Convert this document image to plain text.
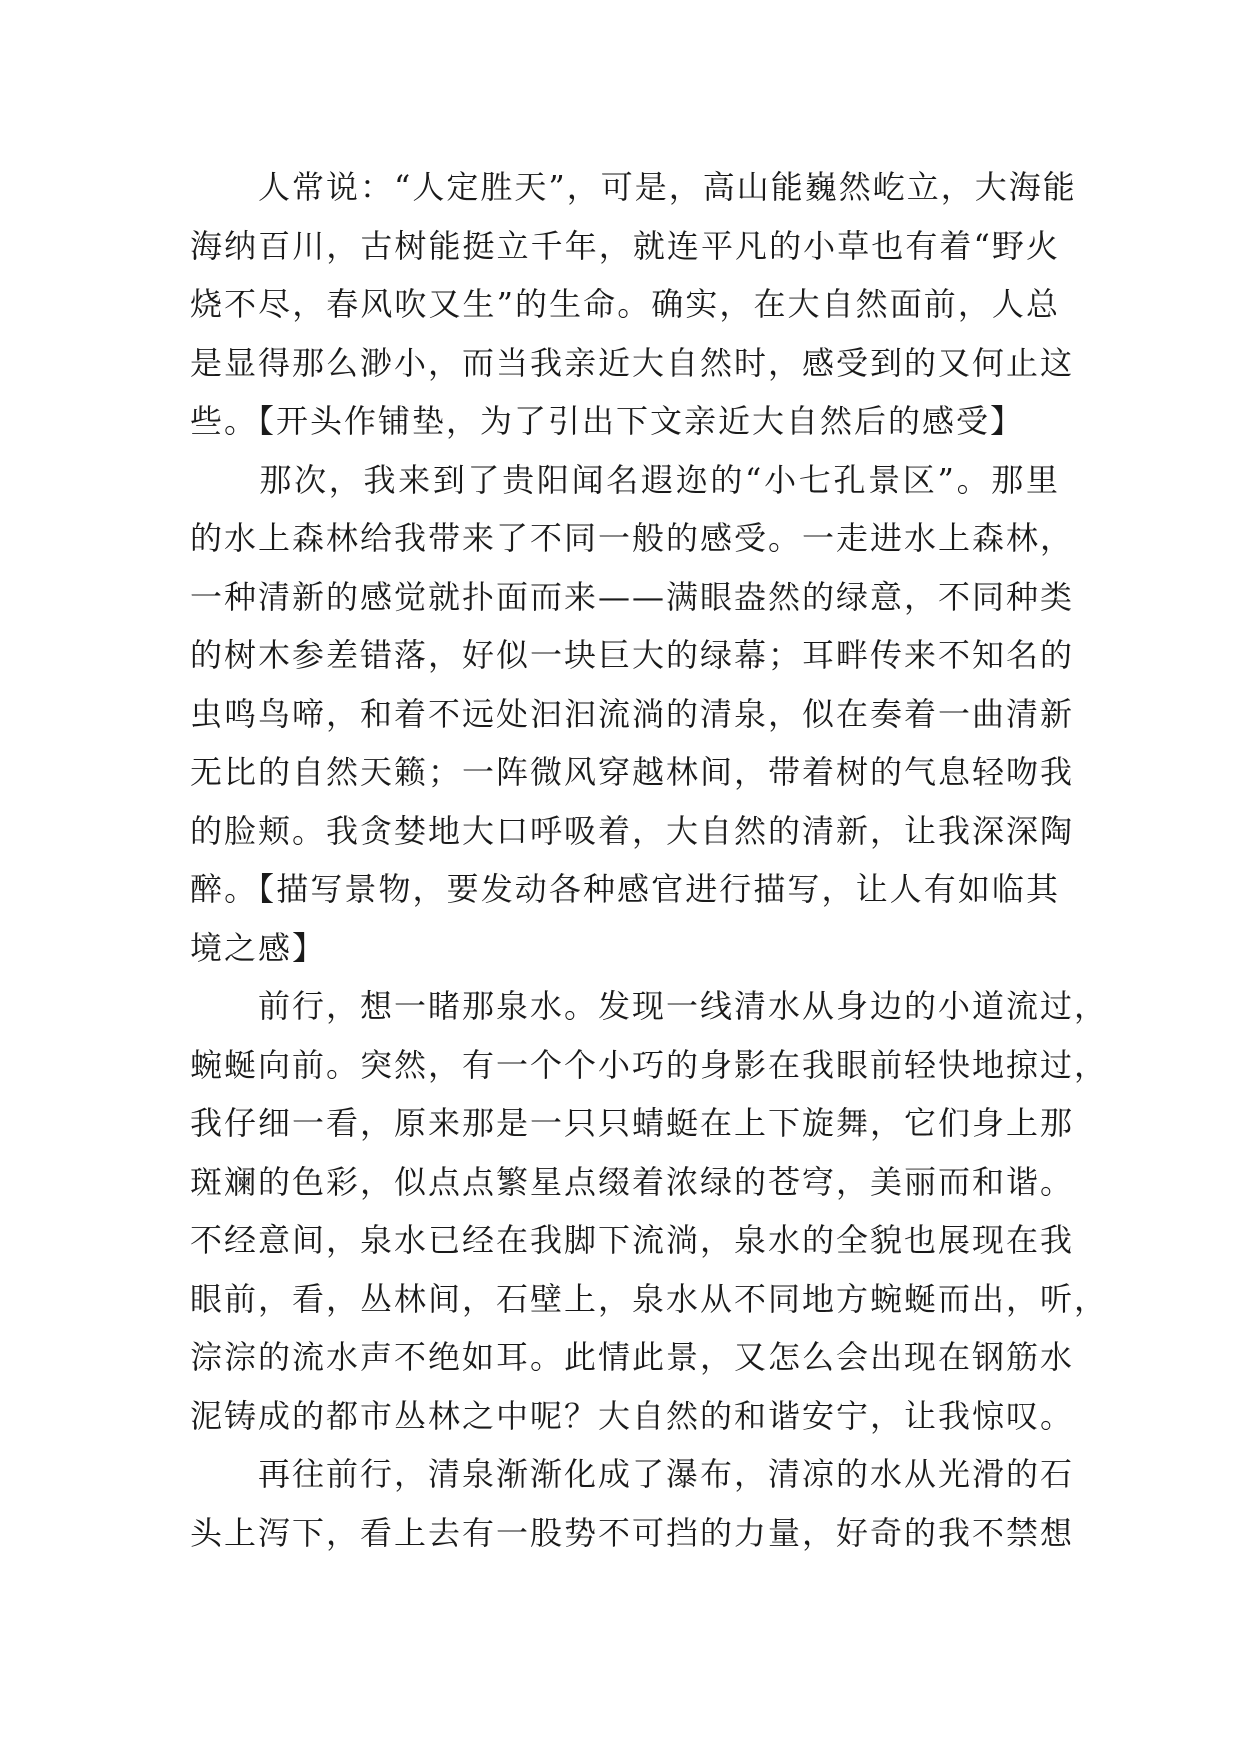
　　人常说：“人定胜天”，可是，高山能巍然屹立，大海能
海纳百川，古树能挺立千年，就连平凡的小草也有着“野火
烧不尽，春风吹又生”的生命。确实，在大自然面前，人总
是显得那么渺小，而当我亲近大自然时，感受到的又何止这
些。【开头作铺垫，为了引出下文亲近大自然后的感受】
　　那次，我来到了贵阳闻名遐迩的“小七孔景区”。那里
的水上森林给我带来了不同一般的感受。一走进水上森林，
一种清新的感觉就扑面而来——满眼盎然的绿意，不同种类
的树木参差错落，好似一块巨大的绿幕；耳畔传来不知名的
虫鸣鸟啼，和着不远处汩汩流淌的清泉，似在奏着一曲清新
无比的自然天籁；一阵微风穿越林间，带着树的气息轻吻我
的脸颊。我贪婪地大口呼吸着，大自然的清新，让我深深陶
醉。【描写景物，要发动各种感官进行描写，让人有如临其
境之感】
　　前行，想一睹那泉水。发现一线清水从身边的小道流过，
蜿蜒向前。突然，有一个个小巧的身影在我眼前轻快地掠过，
我仔细一看，原来那是一只只蜻蜓在上下旋舞，它们身上那
斑斓的色彩，似点点繁星点缀着浓绿的苍穹，美丽而和谐。
不经意间，泉水已经在我脚下流淌，泉水的全貌也展现在我
眼前，看，丛林间，石壁上，泉水从不同地方蜿蜒而出，听，
淙淙的流水声不绝如耳。此情此景，又怎么会出现在钢筋水
泥铸成的都市丛林之中呢？大自然的和谐安宁，让我惊叹。
　　再往前行，清泉渐渐化成了瀑布，清凉的水从光滑的石
头上泻下，看上去有一股势不可挡的力量，好奇的我不禁想
